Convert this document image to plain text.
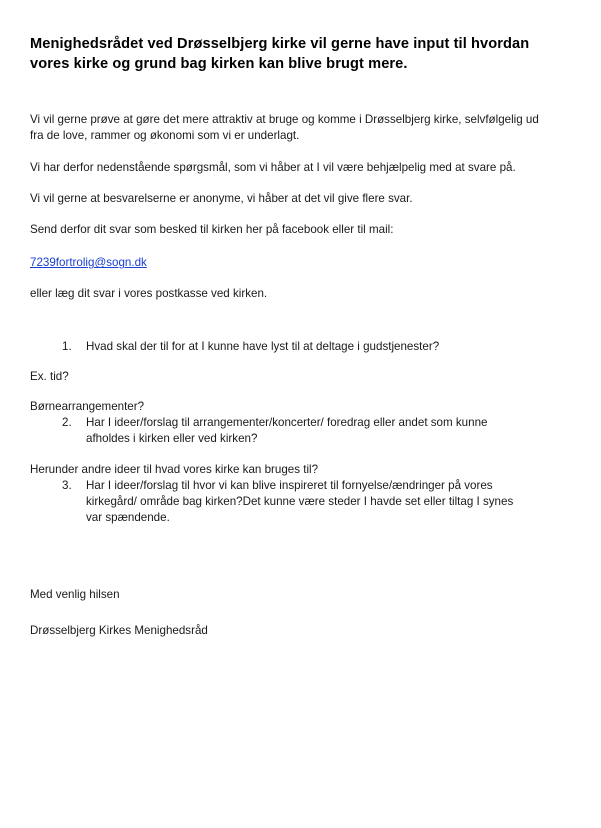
Menighedsrådet ved Drøsselbjerg kirke vil gerne have input til hvordan vores kirke og grund bag kirken kan blive brugt mere.

Vi vil gerne prøve at gøre det mere attraktiv at bruge og komme i Drøsselbjerg kirke, selvfølgelig ud fra de love, rammer og økonomi som vi er underlagt.

Vi har derfor nedenstående spørgsmål, som vi håber at I vil være behjælpelig med at svare på.

Vi vil gerne at besvarelserne er anonyme, vi håber at det vil give flere svar.

Send derfor dit svar som besked til kirken her på facebook eller til mail:

7239fortrolig@sogn.dk

eller læg dit svar i vores postkasse ved kirken.

1. Hvad skal der til for at I kunne have lyst til at deltage i gudstjenester?

Ex. tid?

Børnearrangementer?

2. Har I ideer/forslag til arrangementer/koncerter/ foredrag eller andet som kunne afholdes i kirken eller ved kirken?

Herunder andre ideer til hvad vores kirke kan bruges til?

3. Har I ideer/forslag til hvor vi kan blive inspireret til fornyelse/ændringer på vores kirkegård/ område bag kirken?Det kunne være steder I havde set eller tiltag I synes var spændende.

Med venlig hilsen

Drøsselbjerg Kirkes Menighedsråd
